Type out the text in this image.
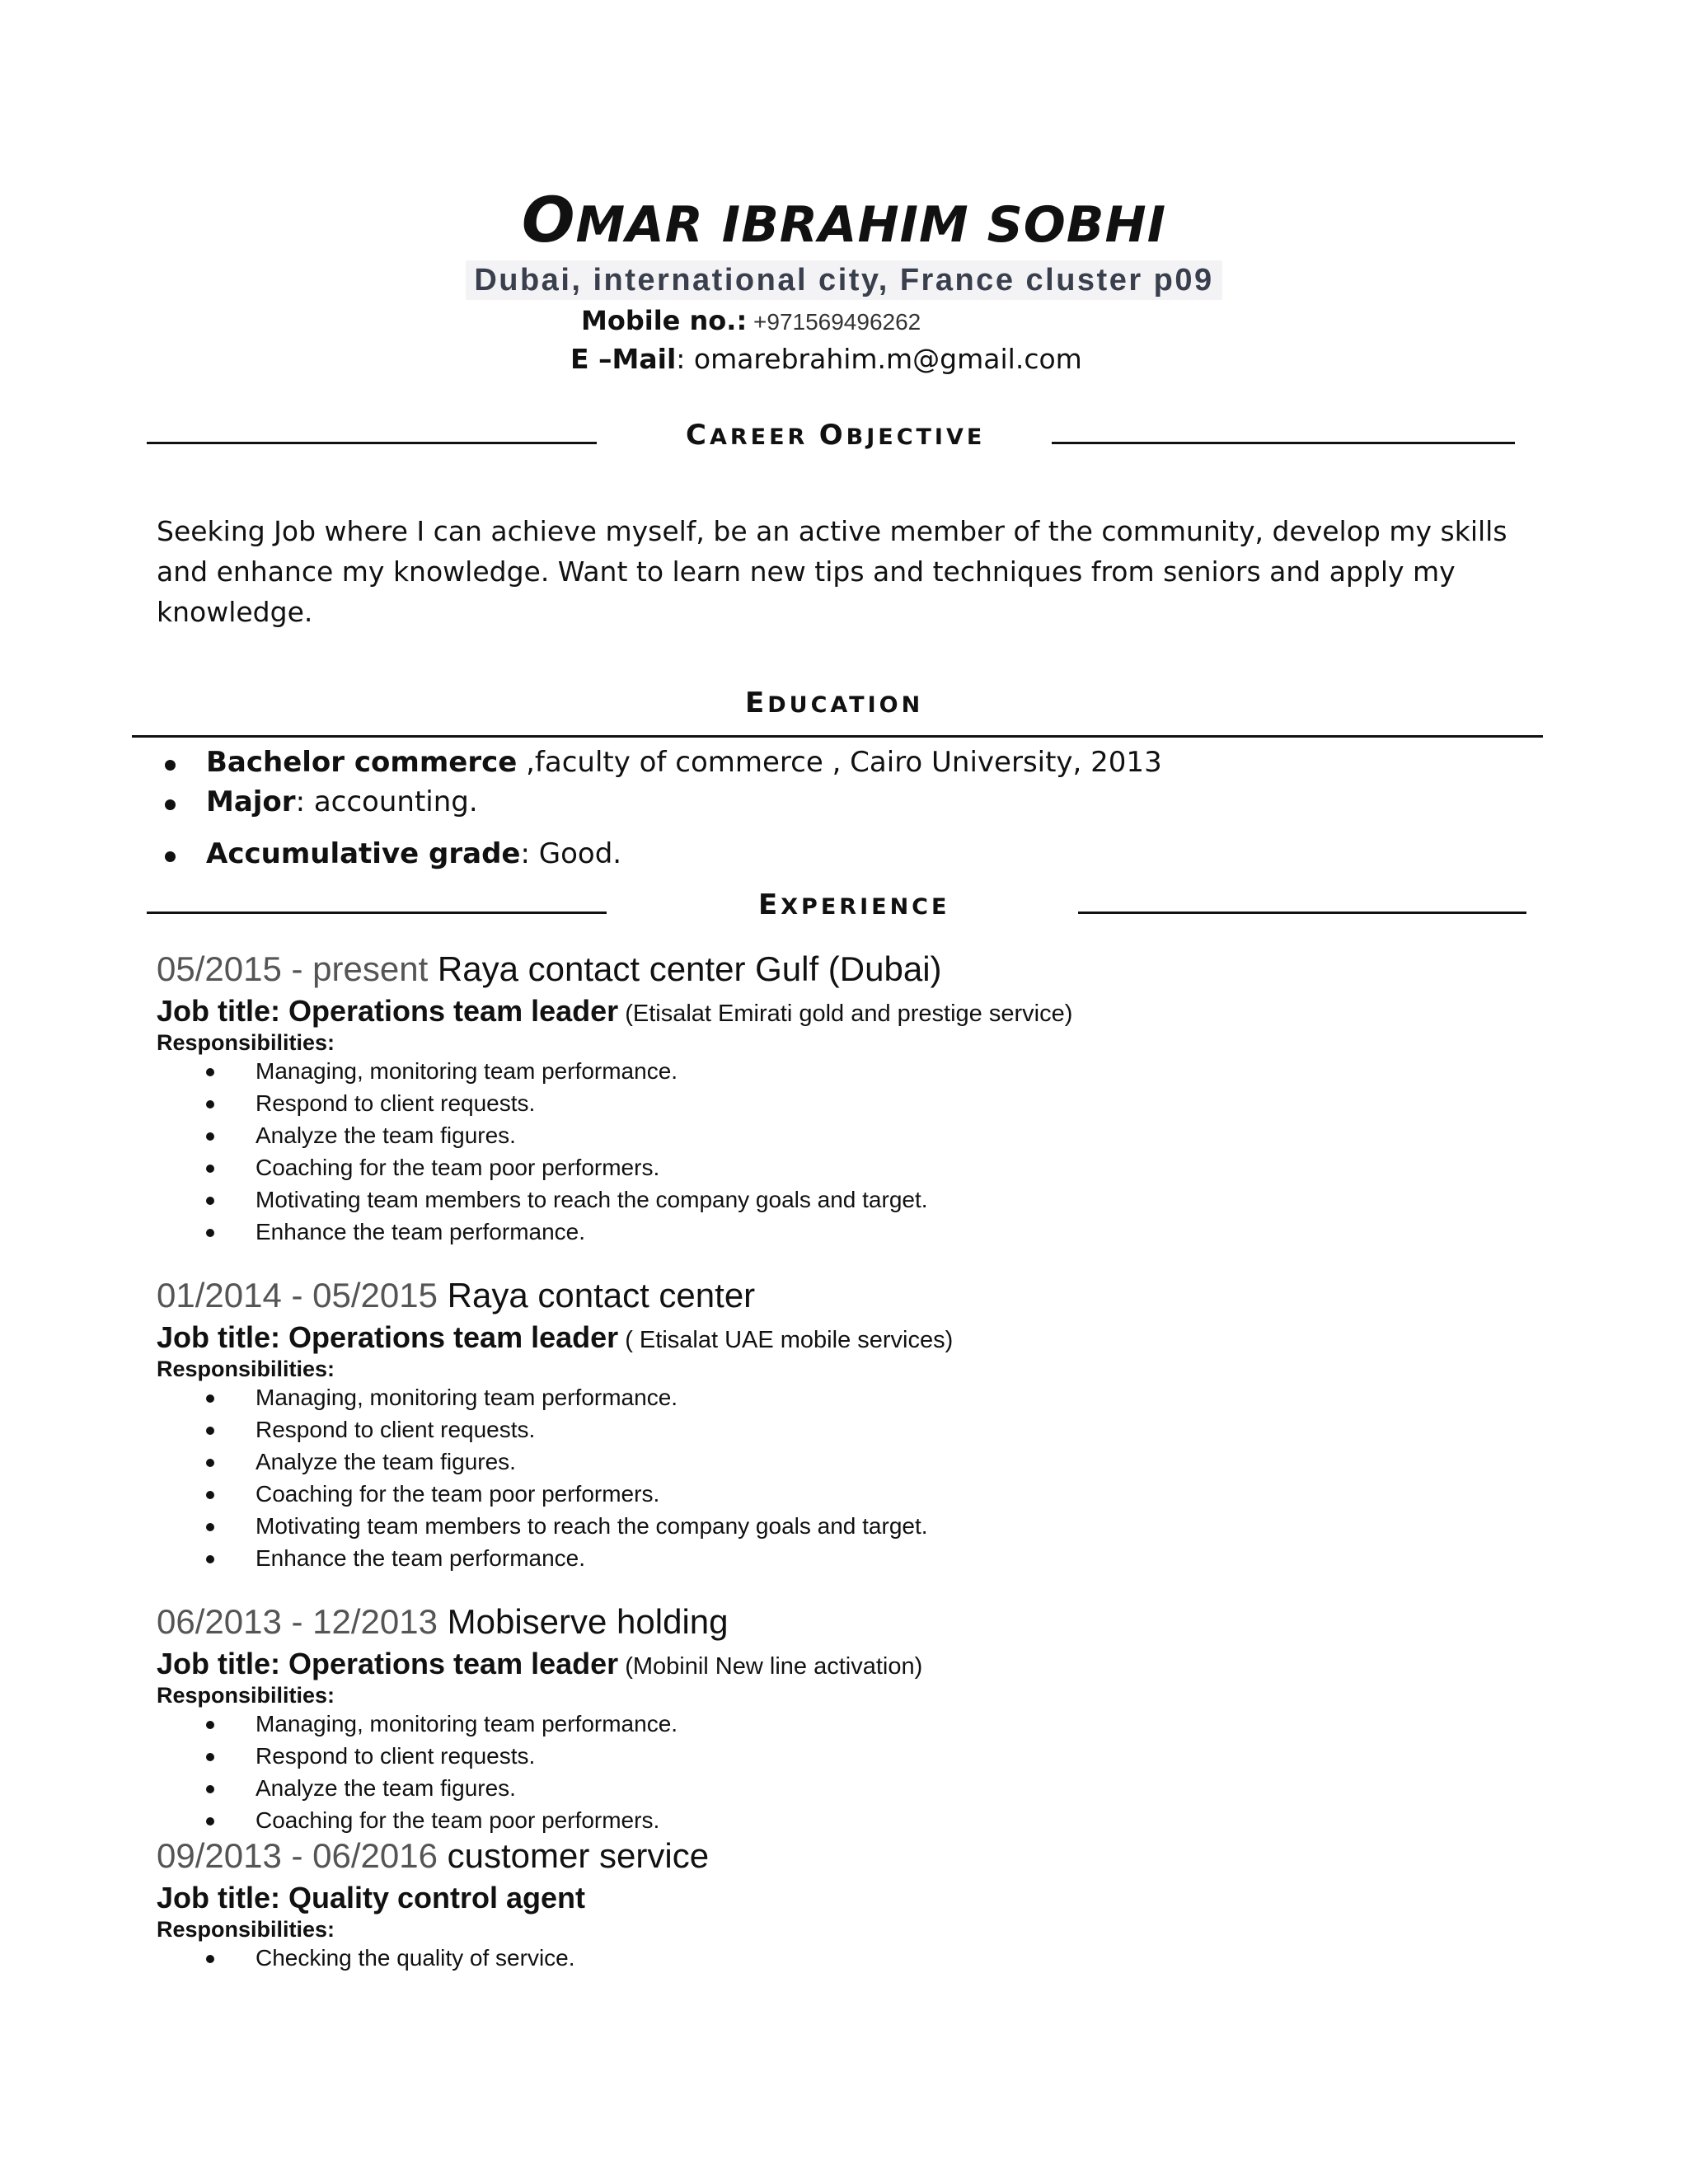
OMAR IBRAHIM SOBHI
Dubai, international city, France cluster p09
Mobile no.: +971569496262
E –Mail: omarebrahim.m@gmail.com
CAREER OBJECTIVE
Seeking Job where I can achieve myself, be an active member of the community, develop my skills and enhance my knowledge. Want to learn new tips and techniques from seniors and apply my knowledge.
EDUCATION
Bachelor commerce ,faculty of commerce , Cairo University, 2013
Major: accounting.
Accumulative grade: Good.
EXPERIENCE
05/2015 - present Raya contact center Gulf (Dubai)
Job title: Operations team leader (Etisalat Emirati gold and prestige service)
Responsibilities:
Managing, monitoring team performance.
Respond to client requests.
Analyze the team figures.
Coaching for the team poor performers.
Motivating team members to reach the company goals and target.
Enhance the team performance.
01/2014 - 05/2015 Raya contact center
Job title: Operations team leader ( Etisalat UAE mobile services)
Responsibilities:
Managing, monitoring team performance.
Respond to client requests.
Analyze the team figures.
Coaching for the team poor performers.
Motivating team members to reach the company goals and target.
Enhance the team performance.
06/2013 - 12/2013 Mobiserve holding
Job title: Operations team leader (Mobinil New line activation)
Responsibilities:
Managing, monitoring team performance.
Respond to client requests.
Analyze the team figures.
Coaching for the team poor performers.
09/2013 - 06/2016 customer service
Job title: Quality control agent
Responsibilities:
Checking the quality of service.
